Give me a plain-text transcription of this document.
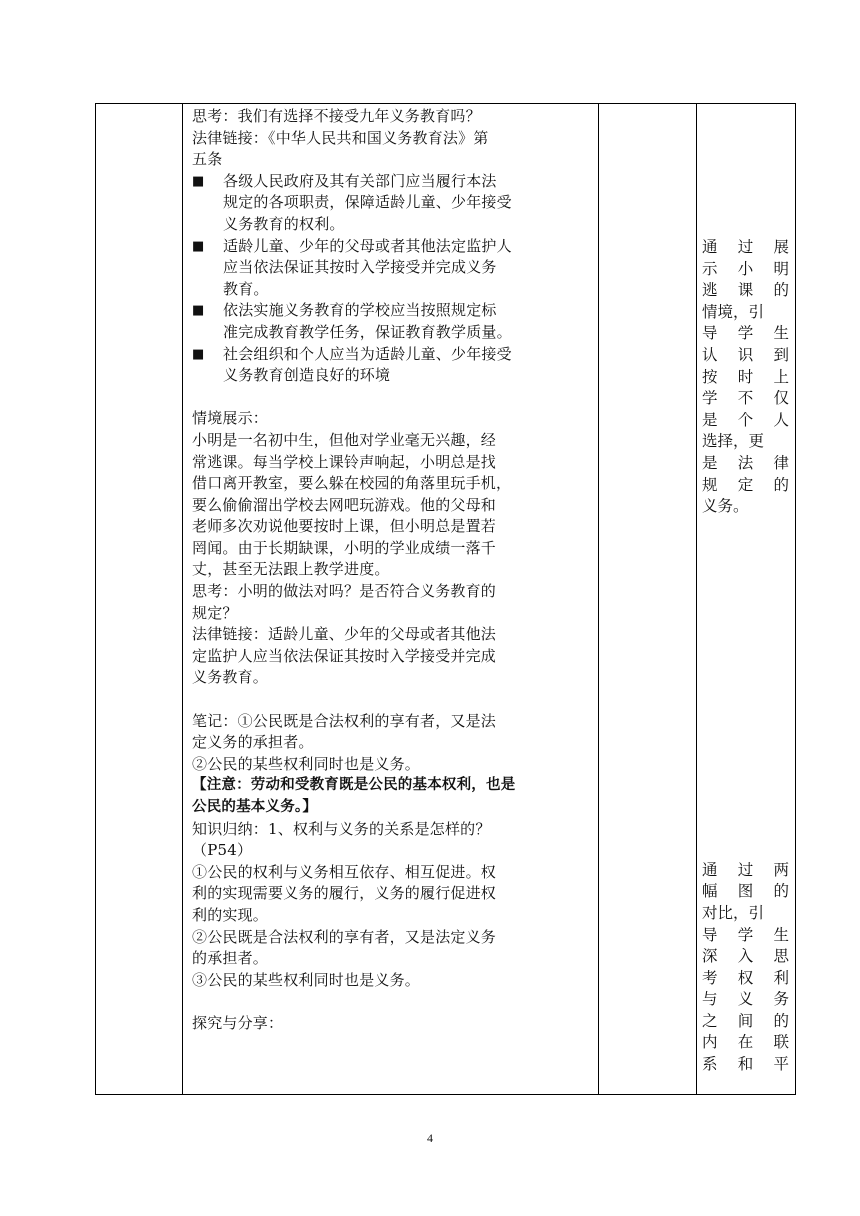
思考：我们有选择不接受九年义务教育吗？
法律链接：《中华人民共和国义务教育法》第
五条
■	各级人民政府及其有关部门应当履行本法
规定的各项职责，保障适龄儿童、少年接受
义务教育的权利。
■	适龄儿童、少年的父母或者其他法定监护人
应当依法保证其按时入学接受并完成义务
教育。
■	依法实施义务教育的学校应当按照规定标
准完成教育教学任务，保证教育教学质量。
■	社会组织和个人应当为适龄儿童、少年接受
义务教育创造良好的环境
情境展示：
小明是一名初中生，但他对学业毫无兴趣，经
常逃课。每当学校上课铃声响起，小明总是找
借口离开教室，要么躲在校园的角落里玩手机，
要么偷偷溜出学校去网吧玩游戏。他的父母和
老师多次劝说他要按时上课，但小明总是置若
罔闻。由于长期缺课，小明的学业成绩一落千
丈，甚至无法跟上教学进度。
思考：小明的做法对吗？是否符合义务教育的
规定？
法律链接：适龄儿童、少年的父母或者其他法
定监护人应当依法保证其按时入学接受并完成
义务教育。
笔记：①公民既是合法权利的享有者，又是法
定义务的承担者。
②公民的某些权利同时也是义务。
【注意：劳动和受教育既是公民的基本权利，也是
公民的基本义务。】
知识归纳：1、权利与义务的关系是怎样的？
（P54）
①公民的权利与义务相互依存、相互促进。权
利的实现需要义务的履行，义务的履行促进权
利的实现。
②公民既是合法权利的享有者，又是法定义务
的承担者。
③公民的某些权利同时也是义务。
探究与分享：

通 过 展
示 小 明
逃 课 的
情境，引
导 学 生
认 识 到
按 时 上
学 不 仅
是 个 人
选择，更
是 法 律
规 定 的
义务。
通 过 两
幅 图 的
对比，引
导 学 生
深 入 思
考 权 利
与 义 务
之 间 的
内 在 联
系 和 平
4
